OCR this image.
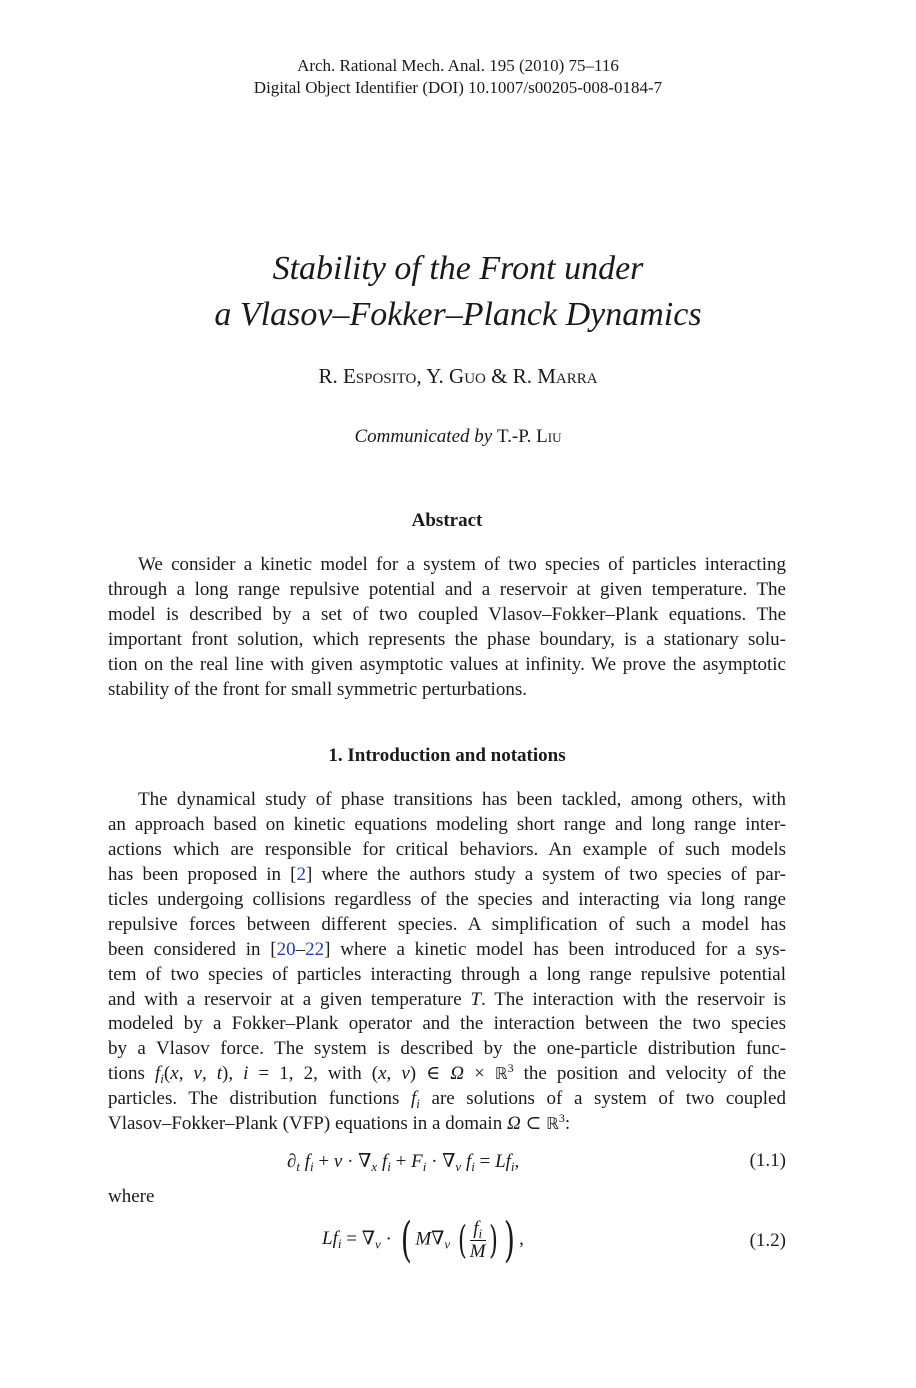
Arch. Rational Mech. Anal. 195 (2010) 75–116
Digital Object Identifier (DOI) 10.1007/s00205-008-0184-7
Stability of the Front under
a Vlasov–Fokker–Planck Dynamics
R. Esposito, Y. Guo & R. Marra
Communicated by T.-P. Liu
Abstract
We consider a kinetic model for a system of two species of particles interacting
through a long range repulsive potential and a reservoir at given temperature. The
model is described by a set of two coupled Vlasov–Fokker–Plank equations. The
important front solution, which represents the phase boundary, is a stationary solu-
tion on the real line with given asymptotic values at infinity. We prove the asymptotic
stability of the front for small symmetric perturbations.
1. Introduction and notations
The dynamical study of phase transitions has been tackled, among others, with
an approach based on kinetic equations modeling short range and long range inter-
actions which are responsible for critical behaviors. An example of such models
has been proposed in [2] where the authors study a system of two species of par-
ticles undergoing collisions regardless of the species and interacting via long range
repulsive forces between different species. A simplification of such a model has
been considered in [20–22] where a kinetic model has been introduced for a sys-
tem of two species of particles interacting through a long range repulsive potential
and with a reservoir at a given temperature T. The interaction with the reservoir is
modeled by a Fokker–Plank operator and the interaction between the two species
by a Vlasov force. The system is described by the one-particle distribution func-
tions $f_i(x$, v, t), i = 1, 2, with (x, v) ∈ Ω × ℝ$^3$ the position and velocity of the
particles. The distribution functions $f_i$ are solutions of a system of two coupled
Vlasov–Fokker–Plank (VFP) equations in a domain Ω ⊂ ℝ$^3$:
$\partial_t$ $f_i + v \cdot \nabla_x$ $f_i + F_i \cdot \nabla_v$ $f_i = Lf_i$,	(1.1)
where
$Lf_i = \nabla_v$ · ( $M\nabla_v$ ( $\frac{f_i}{M}$ ) ) ,	(1.2)
